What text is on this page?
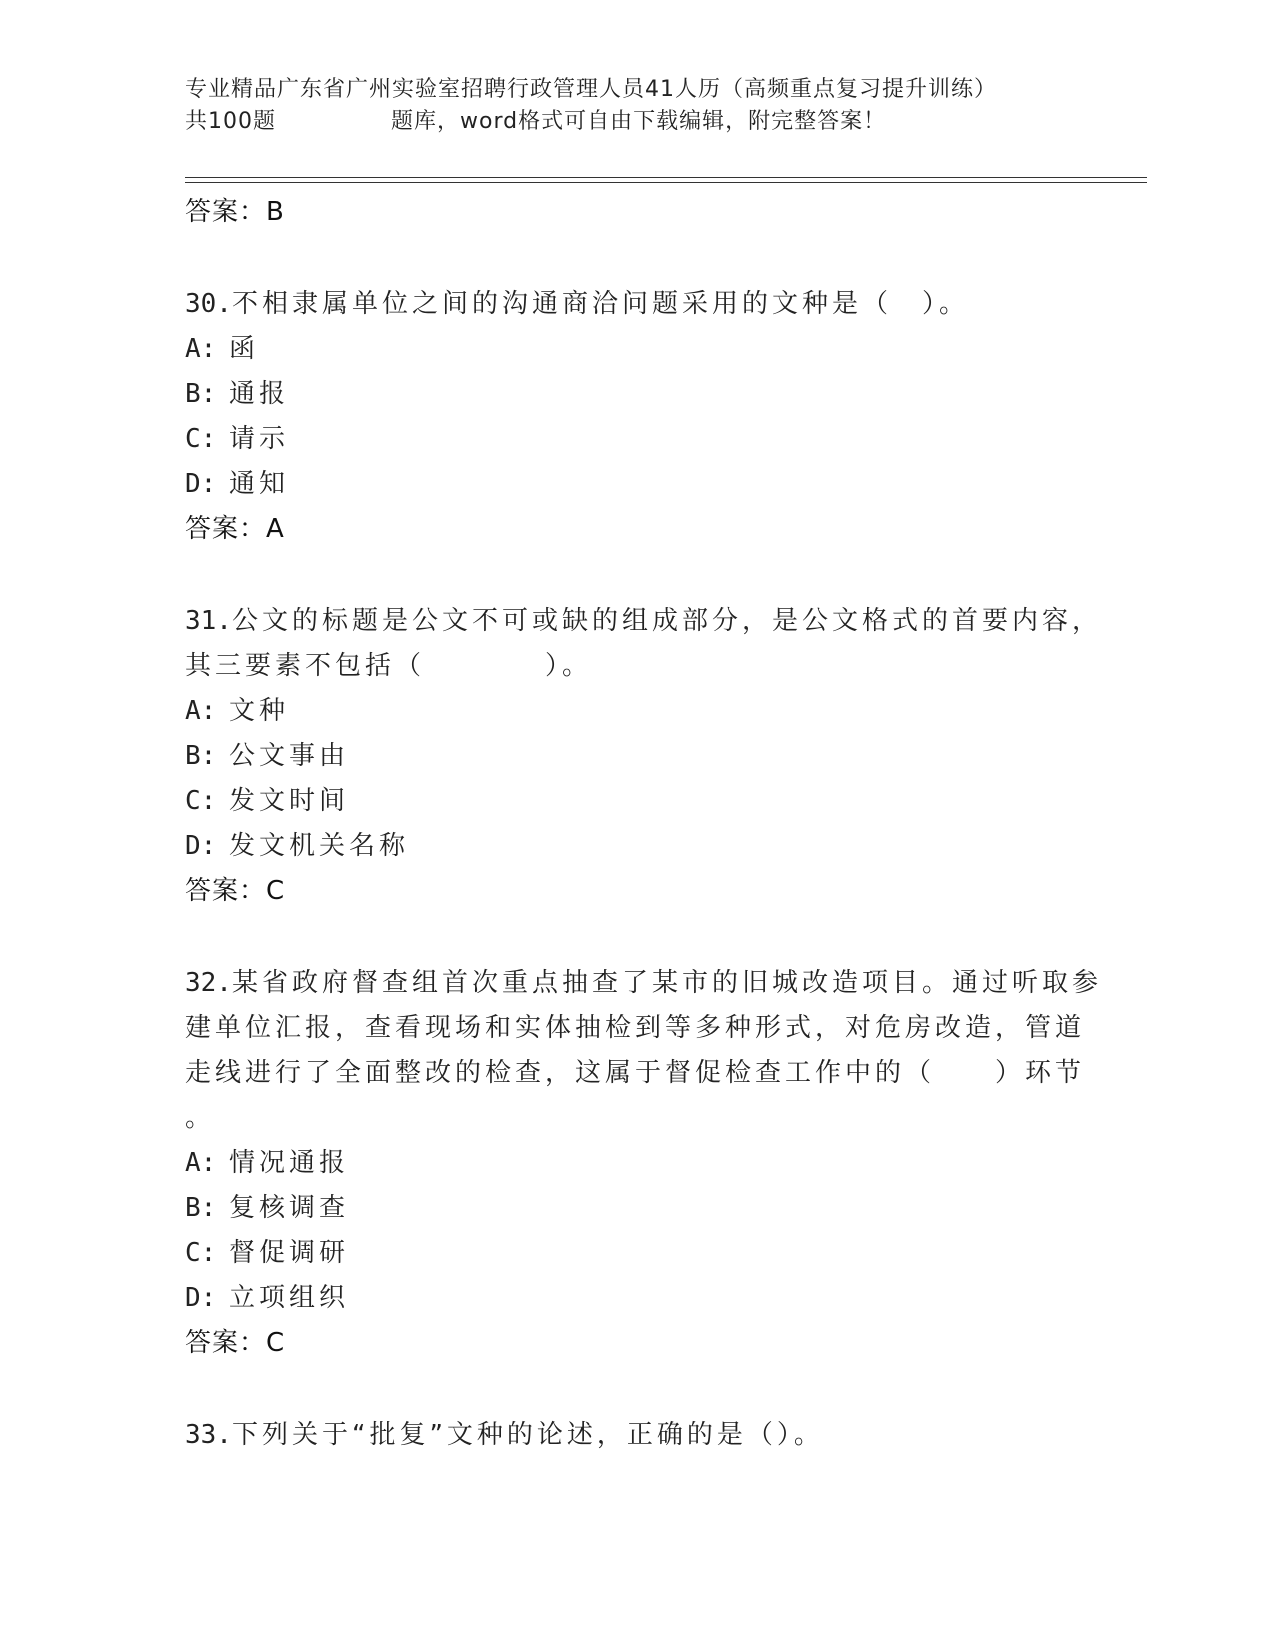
专业精品广东省广州实验室招聘行政管理人员41人历（高频重点复习提升训练）
共100题　　　　　	题库，word格式可自由下载编辑，附完整答案！
答案：B
30.不相隶属单位之间的沟通商洽问题采用的文种是（　）。
A: 函
B: 通报
C: 请示
D: 通知
答案：A
31.公文的标题是公文不可或缺的组成部分，是公文格式的首要内容，
其三要素不包括（　　　　）。
A: 文种
B: 公文事由
C: 发文时间
D: 发文机关名称
答案：C
32.某省政府督查组首次重点抽查了某市的旧城改造项目。通过听取参
建单位汇报，查看现场和实体抽检到等多种形式，对危房改造，管道
走线进行了全面整改的检查，这属于督促检查工作中的（　　）环节
。
A: 情况通报
B: 复核调查
C: 督促调研
D: 立项组织
答案：C
33.下列关于“批复”文种的论述，正确的是（）。
